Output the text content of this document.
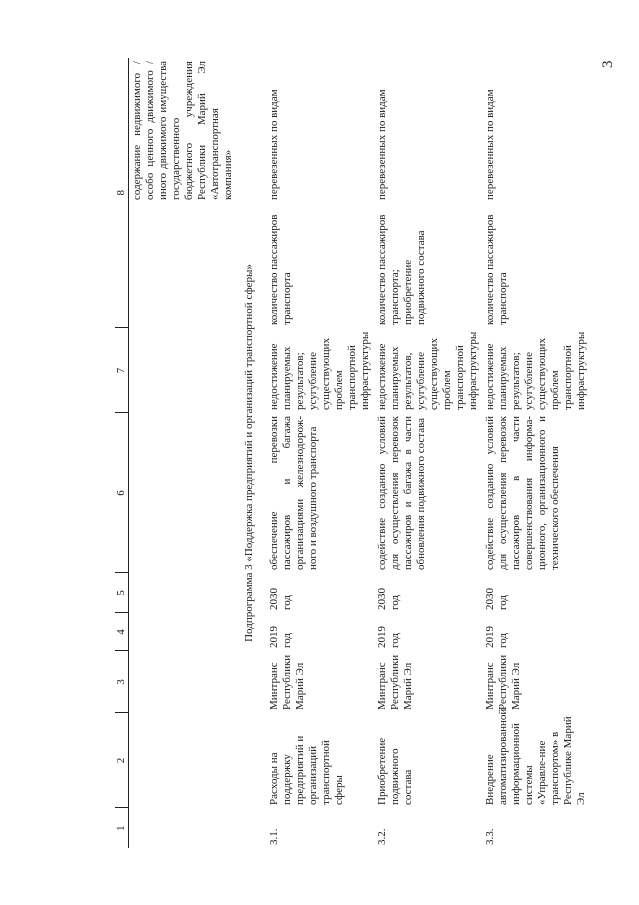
3
1	2	3	4	5	6	7	8	
								содержание недвижимого /особо ценного движимого / иного движимого имущества государственного бюджетного учреждения Республики Марий Эл «Автотранспортная компания»
Подпрограмма 3 «Поддержка предприятий и организаций транспортной сферы»								
3.1.	Расходы на поддержку предприятий и организаций транспортной сферы	Минтранс Республики Марий Эл	2019 год	2030 год	обеспечение перевозки пассажиров и багажа организациями железнодорож-ного и воздушного транспорта	недостижение планируемых результатов; усугубление существующих проблем транспортной инфраструктуры	количество пассажиров транспорта	перевезенных по видам
3.2.	Приобретение подвижного состава	Минтранс Республики Марий Эл	2019 год	2030 год	содействие созданию условий для осуществления перевозок пассажиров и багажа в части обновления подвижного состава	недостижение планируемых результатов, усугубление существующих проблем транспортной инфраструктуры	количество пассажиров транспорта; приобретение подвижного состава	перевезенных по видам
3.3.	Внедрение автоматизированной информационной системы «Управле-ние транспортом» в Республике Марий Эл	Минтранс Республики Марий Эл	2019 год	2030 год	содействие созданию условий для осуществления перевозок пассажиров в части совершенствования информа-ционного, организационного и технического обеспечения	недостижение планируемых результатов; усугубление существующих проблем транспортной инфраструктуры	количество пассажиров транспорта	перевезенных по видам
